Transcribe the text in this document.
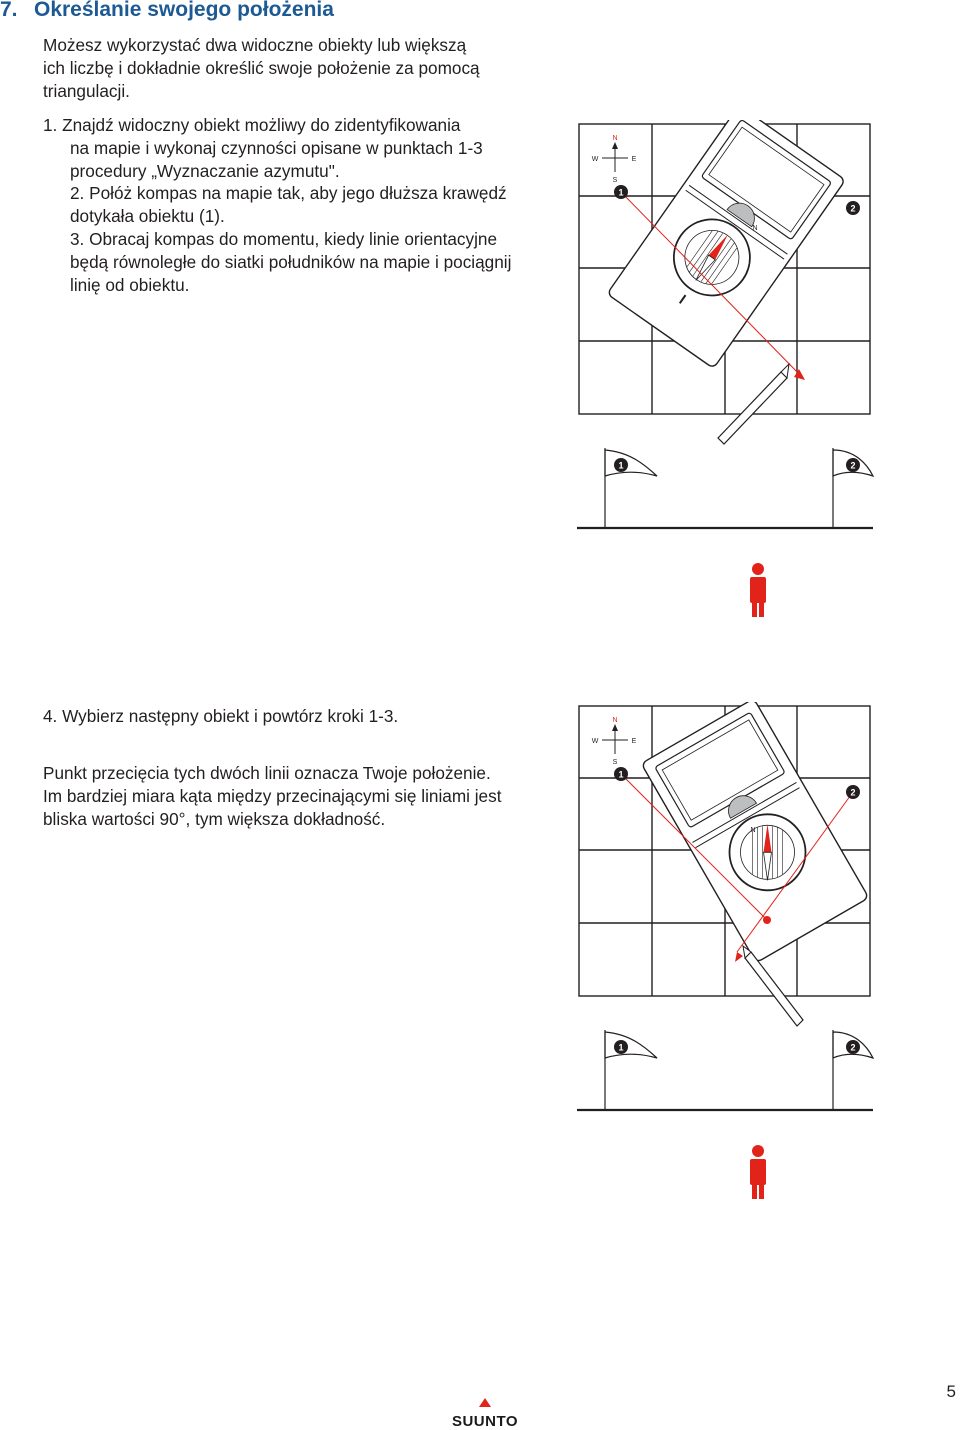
7. Określanie swojego położenia

Możesz wykorzystać dwa widoczne obiekty lub większą
ich liczbę i dokładnie określić swoje położenie za pomocą
triangulacji.

1. Znajdź widoczny obiekt możliwy do zidentyfikowania
na mapie i wykonaj czynności opisane w punktach 1-3
procedury „Wyznaczanie azymutu".
2. Połóż kompas na mapie tak, aby jego dłuższa krawędź
dotykała obiektu (1).
3. Obracaj kompas do momentu, kiedy linie orientacyjne
będą równoległe do siatki południków na mapie i pociągnij
linię od obiektu.

4. Wybierz następny obiekt i powtórz kroki 1-3.

Punkt przecięcia tych dwóch linii oznacza Twoje położenie.
Im bardziej miara kąta między przecinającymi się liniami jest
bliska wartości 90°, tym większa dokładność.

N
W	E
S
N
1
2
1	2
N
W	E
S
N
1
2
1	2
SUUNTO
5
